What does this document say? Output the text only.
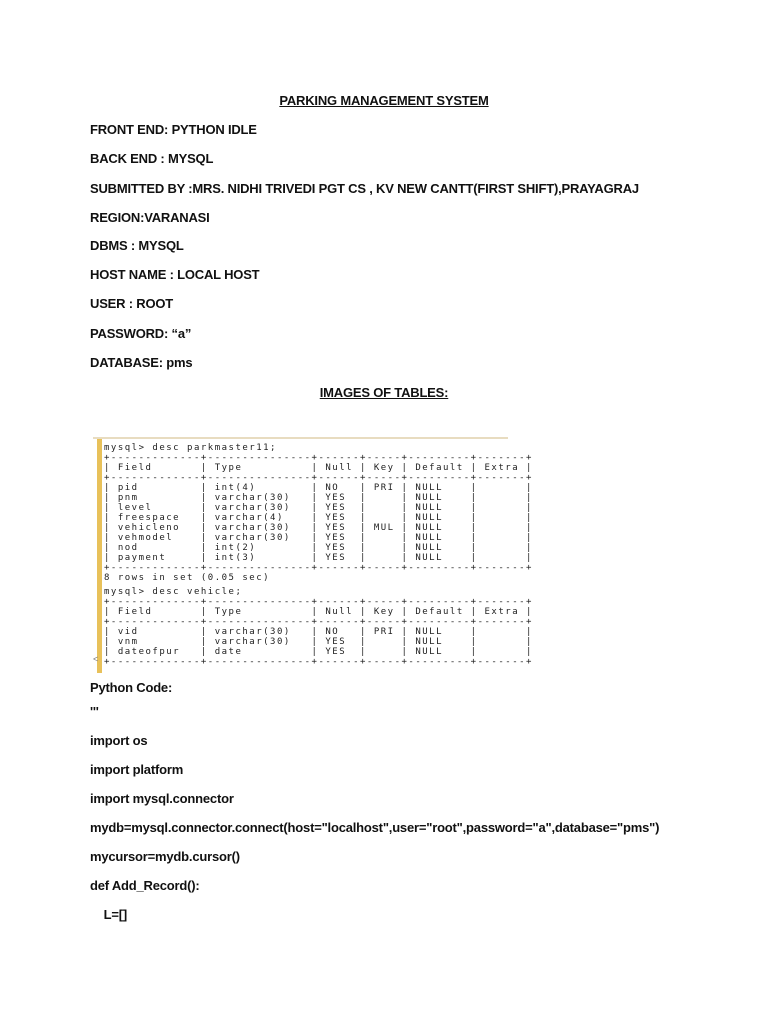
PARKING MANAGEMENT SYSTEM
FRONT END: PYTHON IDLE
BACK END : MYSQL
SUBMITTED BY :MRS. NIDHI TRIVEDI PGT CS , KV NEW CANTT(FIRST SHIFT),PRAYAGRAJ
REGION:VARANASI
DBMS : MYSQL
HOST NAME : LOCAL HOST
USER : ROOT
PASSWORD: “a”
DATABASE: pms
IMAGES OF TABLES:
<
mysql> desc parkmaster11;
+-------------+---------------+------+-----+---------+-------+
| Field       | Type          | Null | Key | Default | Extra |
+-------------+---------------+------+-----+---------+-------+
| pid         | int(4)        | NO   | PRI | NULL    |       |
| pnm         | varchar(30)   | YES  |     | NULL    |       |
| level       | varchar(30)   | YES  |     | NULL    |       |
| freespace   | varchar(4)    | YES  |     | NULL    |       |
| vehicleno   | varchar(30)   | YES  | MUL | NULL    |       |
| vehmodel    | varchar(30)   | YES  |     | NULL    |       |
| nod         | int(2)        | YES  |     | NULL    |       |
| payment     | int(3)        | YES  |     | NULL    |       |
+-------------+---------------+------+-----+---------+-------+
8 rows in set (0.05 sec)
mysql> desc vehicle;
+-------------+---------------+------+-----+---------+-------+
| Field       | Type          | Null | Key | Default | Extra |
+-------------+---------------+------+-----+---------+-------+
| vid         | varchar(30)   | NO   | PRI | NULL    |       |
| vnm         | varchar(30)   | YES  |     | NULL    |       |
| dateofpur   | date          | YES  |     | NULL    |       |
+-------------+---------------+------+-----+---------+-------+
Python Code:
'''
import os
import platform
import mysql.connector
mydb=mysql.connector.connect(host="localhost",user="root",password="a",database="pms")
mycursor=mydb.cursor()
def Add_Record():
L=[]
